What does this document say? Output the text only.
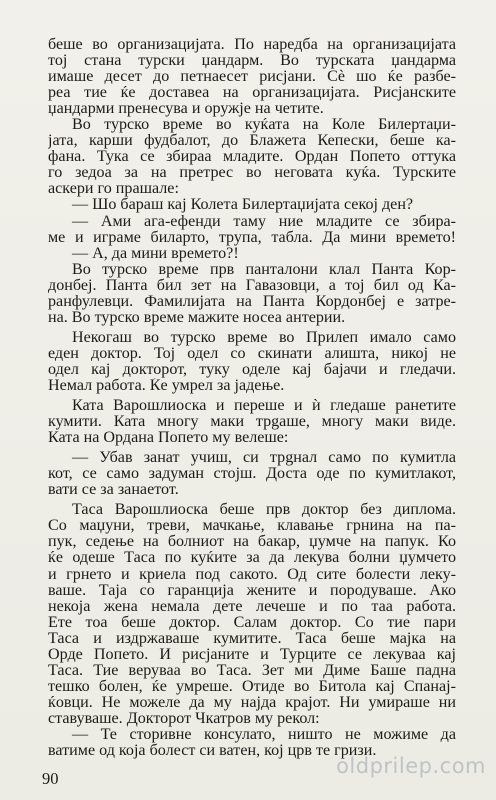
беше во организацијата. По наредба на организацијата
тој стана турски џандарм. Во турската џандарма
имаше десет до петнаесет рисјани. Сè шо ќе разбе-
реа тие ќе доставеа на организацијата. Рисјанските
џандарми пренесува и оружје на четите.
Во турско време во куќата на Коле Билертаџи-
јата, карши фудбалот, до Блажета Кепески, беше ка-
фана. Тука се збираа младите. Ордан Попето оттука
го зедоа за на претрес во неговата куќа. Турските
аскери го прашале:
— Шо бараш кај Колета Билертаџијата секој ден?
— Ами ага-ефенди таму ние младите се збира-
ме и играме биларто, трупа, табла. Да мини времето!
— А, да мини времето?!
Во турско време прв панталони клал Панта Кор-
донбеј. Панта бил зет на Гавазовци, а тој бил од Ка-
ранфулевци. Фамилијата на Панта Кордонбеј е затре-
на. Во турско време мажите носеа антерии.
Некогаш во турско време во Прилеп имало само
еден доктор. Тој одел со скинати алишта, никој не
одел кај докторот, туку оделе кај бајачи и гледачи.
Немал работа. Ќе умрел за јадење.
Ката Варошлиоска и переше и ѝ гледаше ранетите
кумити. Ката многу маки трgаше, многу маки виде.
Ката на Ордана Попето му велеше:
— Убав занат учиш, си трgнал само по кумитла
кот, се само задуман стојш. Доста оде по кумитлакот,
вати се за занаетот.
Таса Варошлиоска беше прв доктор без диплома.
Со маџуни, треви, мачкање, клавање грнина на па-
пук, седење на болниот на бакар, џумче на папук. Ко
ќе одеше Таса по куќите за да лекува болни џумчето
и грнето и криела под сакото. Од сите болести леку-
ваше. Таја со гаранција жените и породуваше. Ако
некоја жена немала дете лечеше и по таа работа.
Ете тоа беше доктор. Салам доктор. Со тие пари
Таса и издржаваше кумитите. Таса беше мајка на
Орде Попето. И рисјаните и Турците се лекуваа кај
Таса. Тие веруваа во Таса. Зет ми Диме Баше падна
тешко болен, ќе умреше. Отиде во Битола кај Спанај-
ќовци. Не можеле да му најда крајот. Ни умираше ни
ставуваше. Докторот Чкатров му рекол:
— Те сторивне консулато, ништо не можиме да
ватиме од која болест си ватен, кој црв те гризи.
90
oldprilep.com
